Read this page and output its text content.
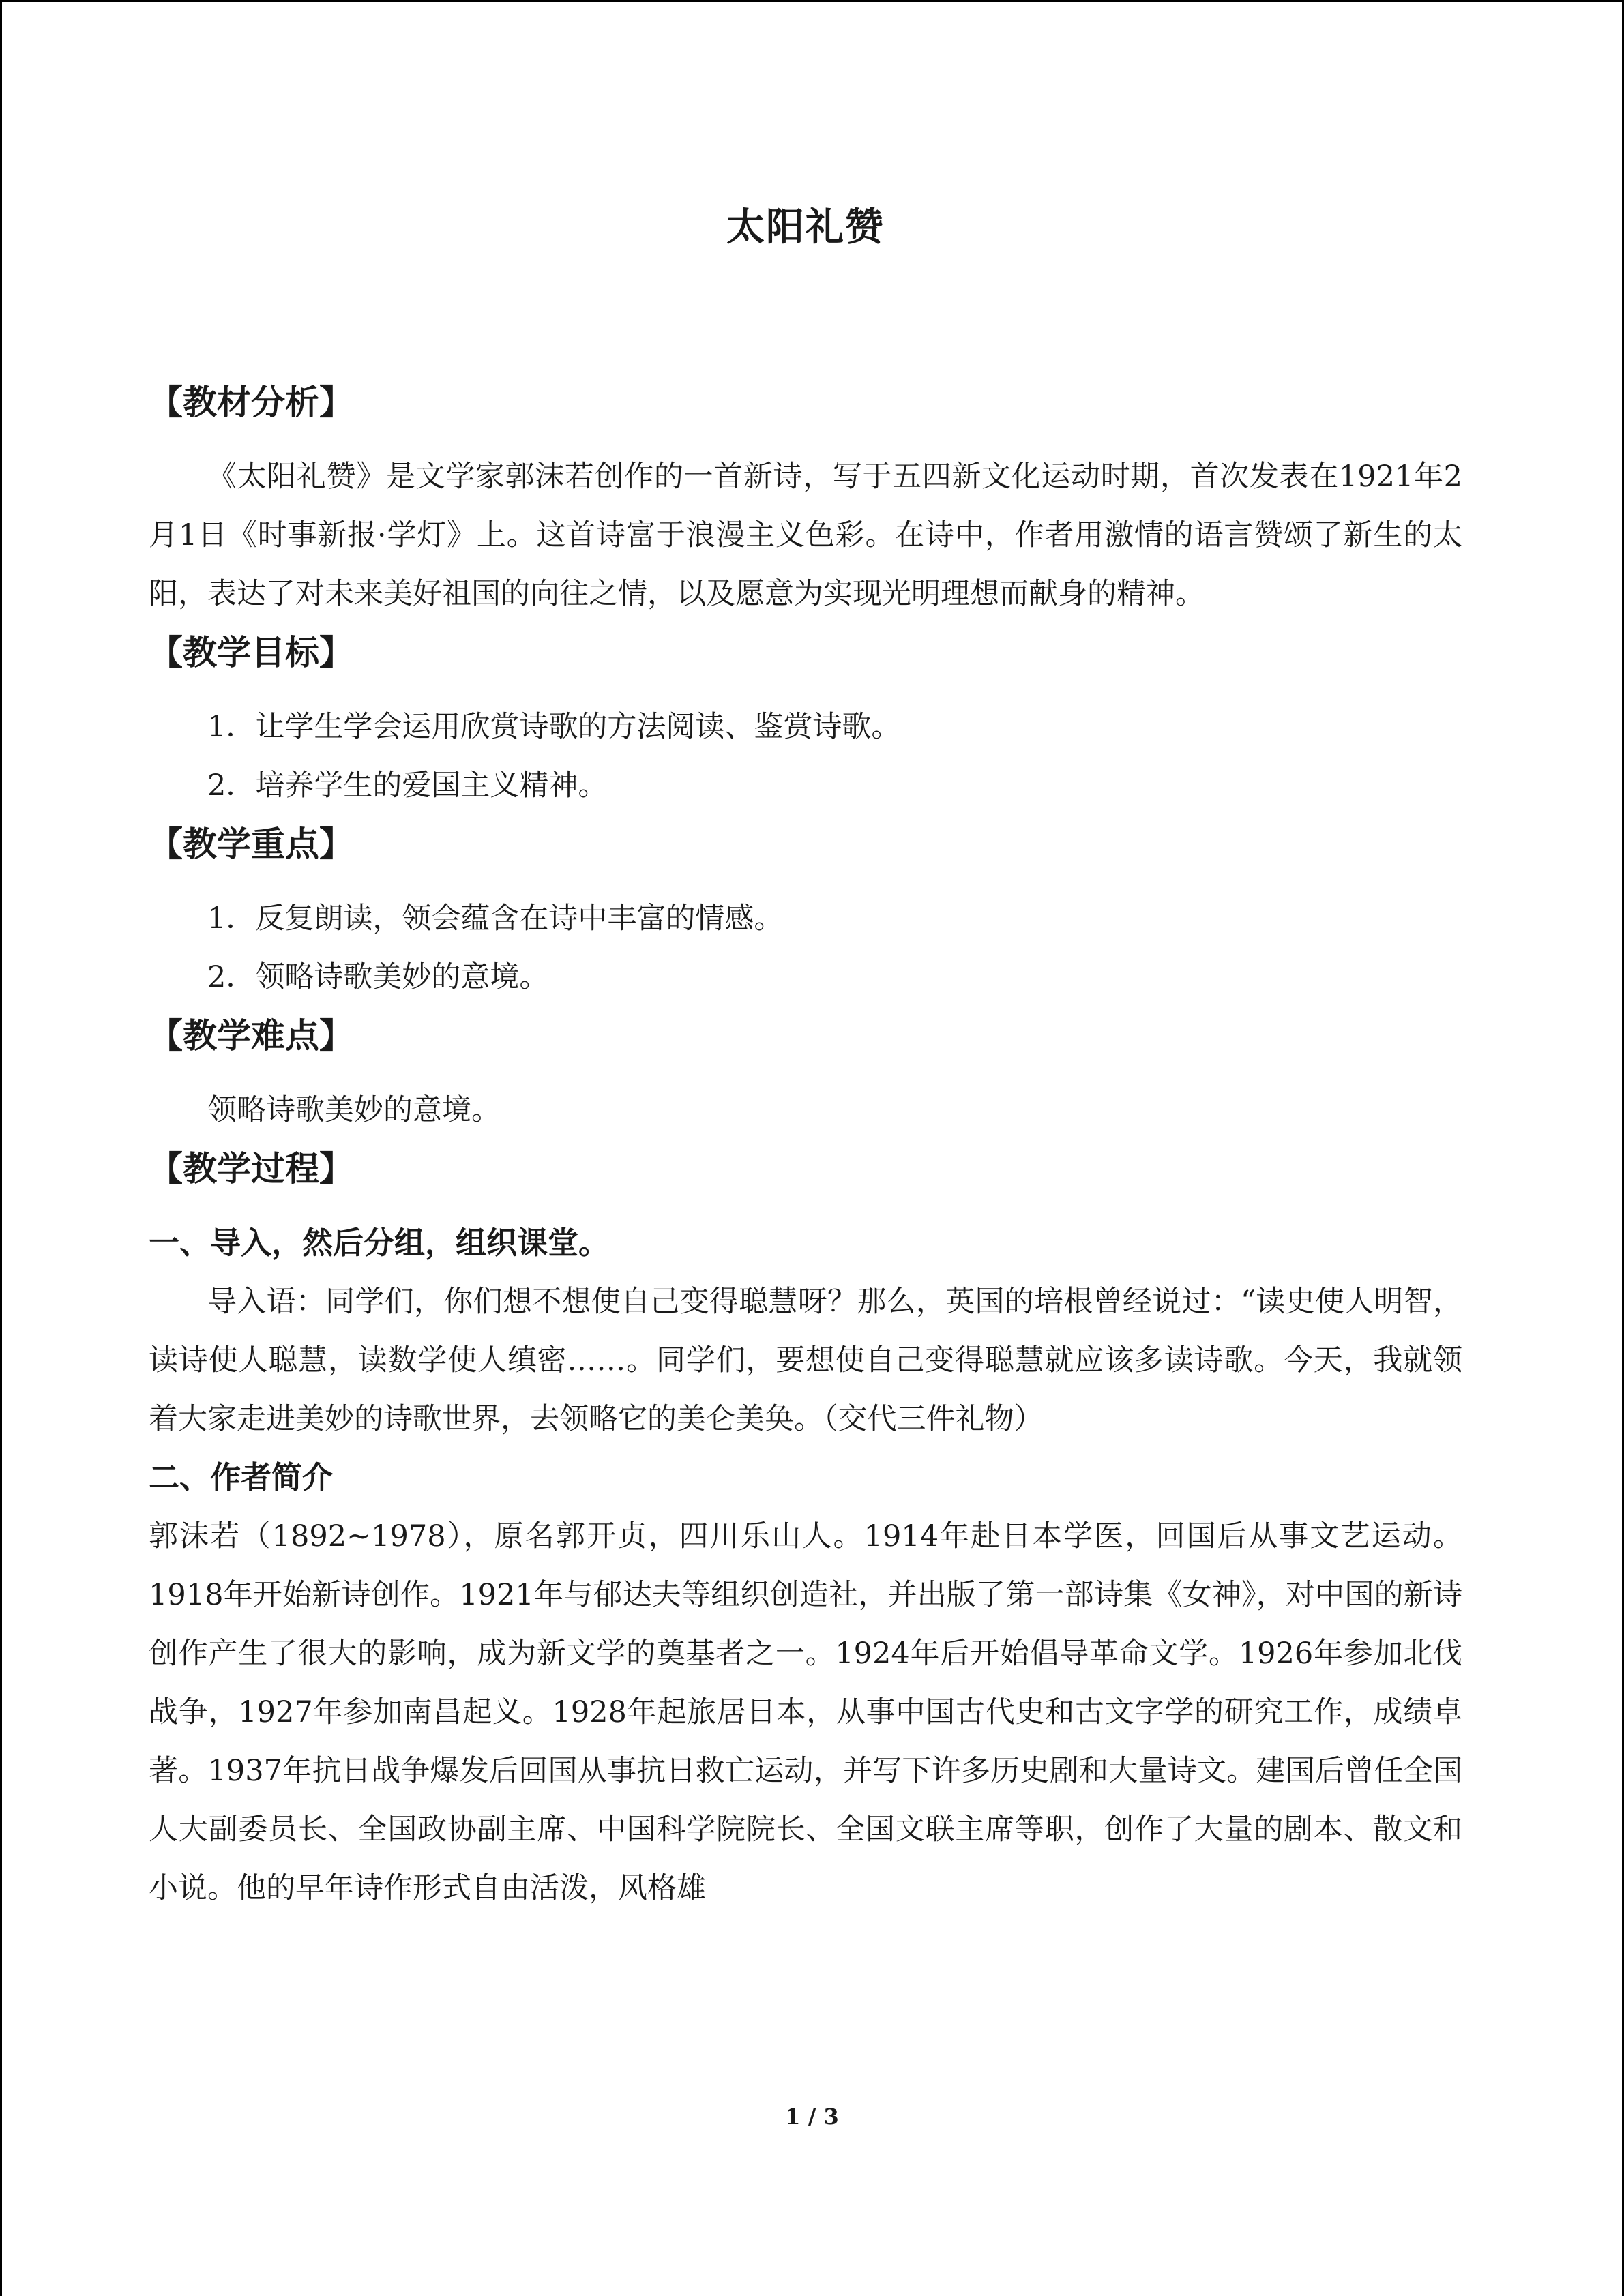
太阳礼赞
【教材分析】

《太阳礼赞》是文学家郭沫若创作的一首新诗，写于五四新文化运动时期，首次发表在1921年2月1日《时事新报·学灯》上。这首诗富于浪漫主义色彩。在诗中，作者用激情的语言赞颂了新生的太阳，表达了对未来美好祖国的向往之情，以及愿意为实现光明理想而献身的精神。

【教学目标】

1．让学生学会运用欣赏诗歌的方法阅读、鉴赏诗歌。

2．培养学生的爱国主义精神。

【教学重点】

1．反复朗读，领会蕴含在诗中丰富的情感。

2．领略诗歌美妙的意境。

【教学难点】

领略诗歌美妙的意境。

【教学过程】

一、导入，然后分组，组织课堂。

导入语：同学们，你们想不想使自己变得聪慧呀？那么，英国的培根曾经说过：“读史使人明智，读诗使人聪慧，读数学使人缜密……。同学们，要想使自己变得聪慧就应该多读诗歌。今天，我就领着大家走进美妙的诗歌世界，去领略它的美仑美奂。（交代三件礼物）

二、作者简介

郭沫若（1892~1978），原名郭开贞，四川乐山人。1914年赴日本学医，回国后从事文艺运动。1918年开始新诗创作。1921年与郁达夫等组织创造社，并出版了第一部诗集《女神》，对中国的新诗创作产生了很大的影响，成为新文学的奠基者之一。1924年后开始倡导革命文学。1926年参加北伐战争，1927年参加南昌起义。1928年起旅居日本，从事中国古代史和古文字学的研究工作，成绩卓著。1937年抗日战争爆发后回国从事抗日救亡运动，并写下许多历史剧和大量诗文。建国后曾任全国人大副委员长、全国政协副主席、中国科学院院长、全国文联主席等职，创作了大量的剧本、散文和小说。他的早年诗作形式自由活泼，风格雄

1 / 3
